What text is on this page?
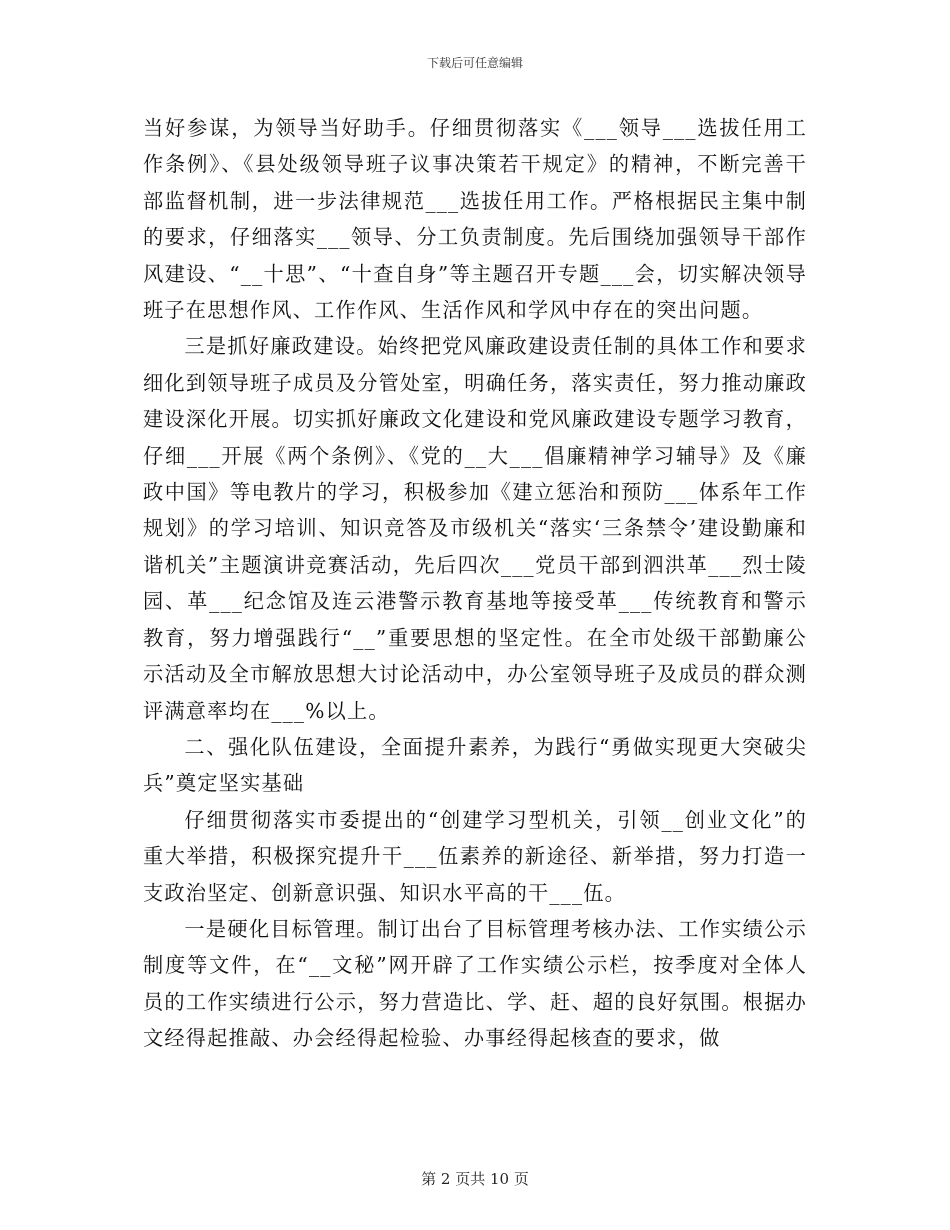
下载后可任意编辑

当好参谋，为领导当好助手。仔细贯彻落实《___领导___选拔任用工作条例》、《县处级领导班子议事决策若干规定》的精神，不断完善干部监督机制，进一步法律规范___选拔任用工作。严格根据民主集中制的要求，仔细落实___领导、分工负责制度。先后围绕加强领导干部作风建设、“__十思”、“十查自身”等主题召开专题___会，切实解决领导班子在思想作风、工作作风、生活作风和学风中存在的突出问题。

三是抓好廉政建设。始终把党风廉政建设责任制的具体工作和要求细化到领导班子成员及分管处室，明确任务，落实责任，努力推动廉政建设深化开展。切实抓好廉政文化建设和党风廉政建设专题学习教育，仔细___开展《两个条例》、《党的__大___倡廉精神学习辅导》及《廉政中国》等电教片的学习，积极参加《建立惩治和预防___体系年工作规划》的学习培训、知识竞答及市级机关“落实‘三条禁令’建设勤廉和谐机关”主题演讲竞赛活动，先后四次___党员干部到泗洪革___烈士陵园、革___纪念馆及连云港警示教育基地等接受革___传统教育和警示教育，努力增强践行“__”重要思想的坚定性。在全市处级干部勤廉公示活动及全市解放思想大讨论活动中，办公室领导班子及成员的群众测评满意率均在___%以上。

二、强化队伍建设，全面提升素养，为践行“勇做实现更大突破尖兵”奠定坚实基础

仔细贯彻落实市委提出的“创建学习型机关，引领__创业文化”的重大举措，积极探究提升干___伍素养的新途径、新举措，努力打造一支政治坚定、创新意识强、知识水平高的干___伍。

一是硬化目标管理。制订出台了目标管理考核办法、工作实绩公示制度等文件，在“__文秘”网开辟了工作实绩公示栏，按季度对全体人员的工作实绩进行公示，努力营造比、学、赶、超的良好氛围。根据办文经得起推敲、办会经得起检验、办事经得起核查的要求，做

第 2 页共 10 页
